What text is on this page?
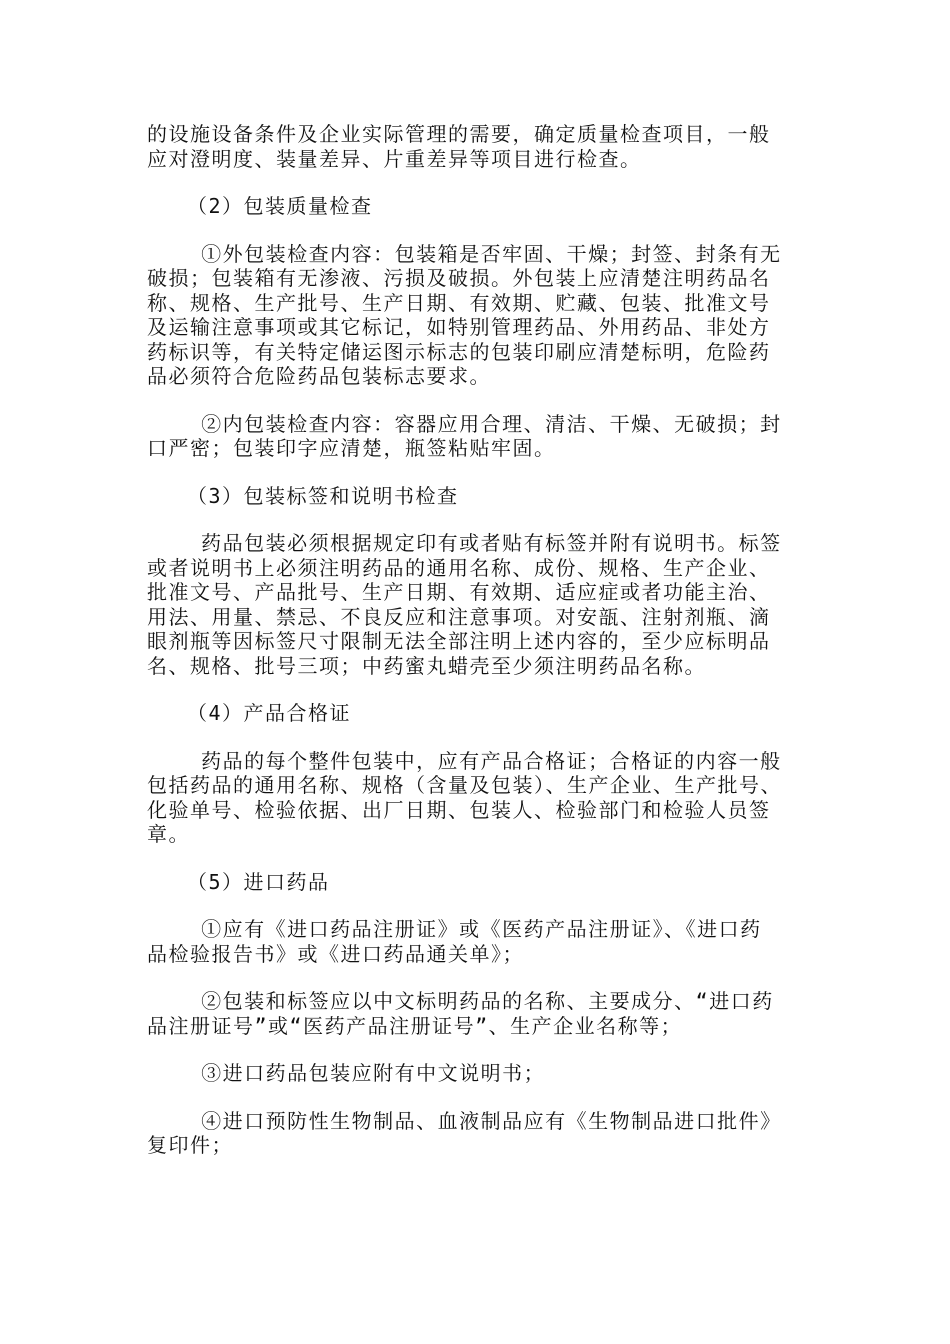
的设施设备条件及企业实际管理的需要，确定质量检查项目，一般
应对澄明度、装量差异、片重差异等项目进行检查。
（2）包装质量检查
①外包装检查内容：包装箱是否牢固、干燥；封签、封条有无
破损；包装箱有无渗液、污损及破损。外包装上应清楚注明药品名
称、规格、生产批号、生产日期、有效期、贮藏、包装、批准文号
及运输注意事项或其它标记，如特别管理药品、外用药品、非处方
药标识等，有关特定储运图示标志的包装印刷应清楚标明，危险药
品必须符合危险药品包装标志要求。
②内包装检查内容：容器应用合理、清洁、干燥、无破损；封
口严密；包装印字应清楚，瓶签粘贴牢固。
（3）包装标签和说明书检查
药品包装必须根据规定印有或者贴有标签并附有说明书。标签
或者说明书上必须注明药品的通用名称、成份、规格、生产企业、
批准文号、产品批号、生产日期、有效期、适应症或者功能主治、
用法、用量、禁忌、不良反应和注意事项。对安瓿、注射剂瓶、滴
眼剂瓶等因标签尺寸限制无法全部注明上述内容的，至少应标明品
名、规格、批号三项；中药蜜丸蜡壳至少须注明药品名称。
（4）产品合格证
药品的每个整件包装中，应有产品合格证；合格证的内容一般
包括药品的通用名称、规格（含量及包装）、生产企业、生产批号、
化验单号、检验依据、出厂日期、包装人、检验部门和检验人员签
章。
（5）进口药品
①应有《进口药品注册证》或《医药产品注册证》、《进口药
品检验报告书》或《进口药品通关单》；
②包装和标签应以中文标明药品的名称、主要成分、“进口药
品注册证号”或“医药产品注册证号”、生产企业名称等；
③进口药品包装应附有中文说明书；
④进口预防性生物制品、血液制品应有《生物制品进口批件》
复印件；
